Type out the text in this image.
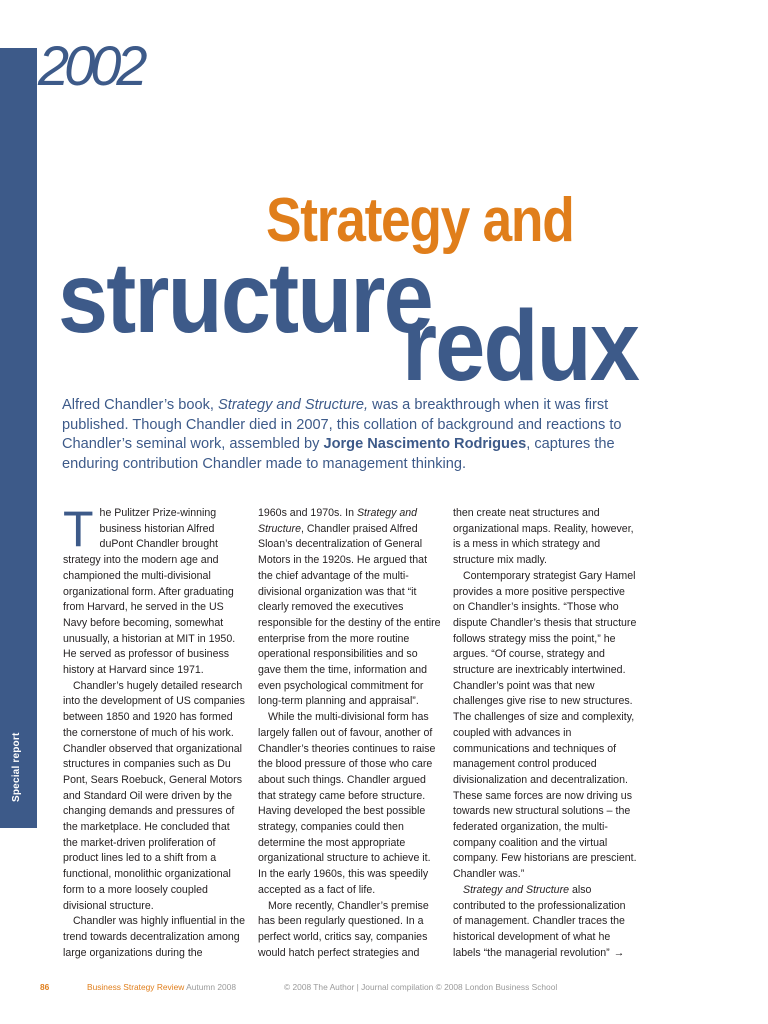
Special report
2002
Strategy and
structure
redux
Alfred Chandler’s book, Strategy and Structure, was a breakthrough when it was first published. Though Chandler died in 2007, this collation of background and reactions to Chandler’s seminal work, assembled by Jorge Nascimento Rodrigues, captures the enduring contribution Chandler made to management thinking.

The Pulitzer Prize-winning business historian Alfred duPont Chandler brought strategy into the modern age and championed the multi-divisional organizational form. After graduating from Harvard, he served in the US Navy before becoming, somewhat unusually, a historian at MIT in 1950. He served as professor of business history at Harvard since 1971.

Chandler’s hugely detailed research into the development of US companies between 1850 and 1920 has formed the cornerstone of much of his work. Chandler observed that organizational structures in companies such as Du Pont, Sears Roebuck, General Motors and Standard Oil were driven by the changing demands and pressures of the marketplace. He concluded that the market-driven proliferation of product lines led to a shift from a functional, monolithic organizational form to a more loosely coupled divisional structure.

Chandler was highly influential in the trend towards decentralization among large organizations during the

1960s and 1970s. In Strategy and Structure, Chandler praised Alfred Sloan’s decentralization of General Motors in the 1920s. He argued that the chief advantage of the multi-divisional organization was that “it clearly removed the executives responsible for the destiny of the entire enterprise from the more routine operational responsibilities and so gave them the time, information and even psychological commitment for long-term planning and appraisal”.

While the multi-divisional form has largely fallen out of favour, another of Chandler’s theories continues to raise the blood pressure of those who care about such things. Chandler argued that strategy came before structure. Having developed the best possible strategy, companies could then determine the most appropriate organizational structure to achieve it. In the early 1960s, this was speedily accepted as a fact of life.

More recently, Chandler’s premise has been regularly questioned. In a perfect world, critics say, companies would hatch perfect strategies and

then create neat structures and organizational maps. Reality, however, is a mess in which strategy and structure mix madly.

Contemporary strategist Gary Hamel provides a more positive perspective on Chandler’s insights. “Those who dispute Chandler’s thesis that structure follows strategy miss the point,” he argues. “Of course, strategy and structure are inextricably intertwined. Chandler’s point was that new challenges give rise to new structures. The challenges of size and complexity, coupled with advances in communications and techniques of management control produced divisionalization and decentralization. These same forces are now driving us towards new structural solutions – the federated organization, the multi-company coalition and the virtual company. Few historians are prescient. Chandler was.”

Strategy and Structure also contributed to the professionalization of management. Chandler traces the historical development of what he labels “the managerial revolution” →

86	Business Strategy Review Autumn 2008	© 2008 The Author | Journal compilation © 2008 London Business School
